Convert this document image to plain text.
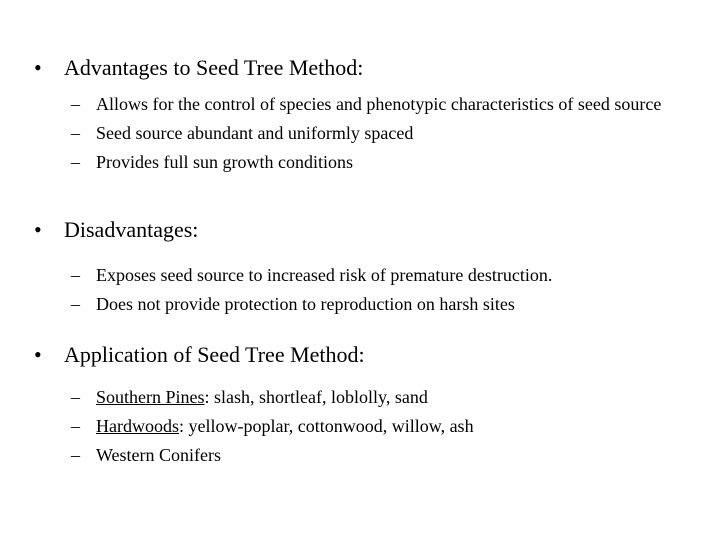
• Advantages to Seed Tree Method:
– Allows for the control of species and phenotypic characteristics of seed source
– Seed source abundant and uniformly spaced
– Provides full sun growth conditions
• Disadvantages:
– Exposes seed source to increased risk of premature destruction.
– Does not provide protection to reproduction on harsh sites
• Application of Seed Tree Method:
– Southern Pines: slash, shortleaf, loblolly, sand
– Hardwoods: yellow-poplar, cottonwood, willow, ash
– Western Conifers
